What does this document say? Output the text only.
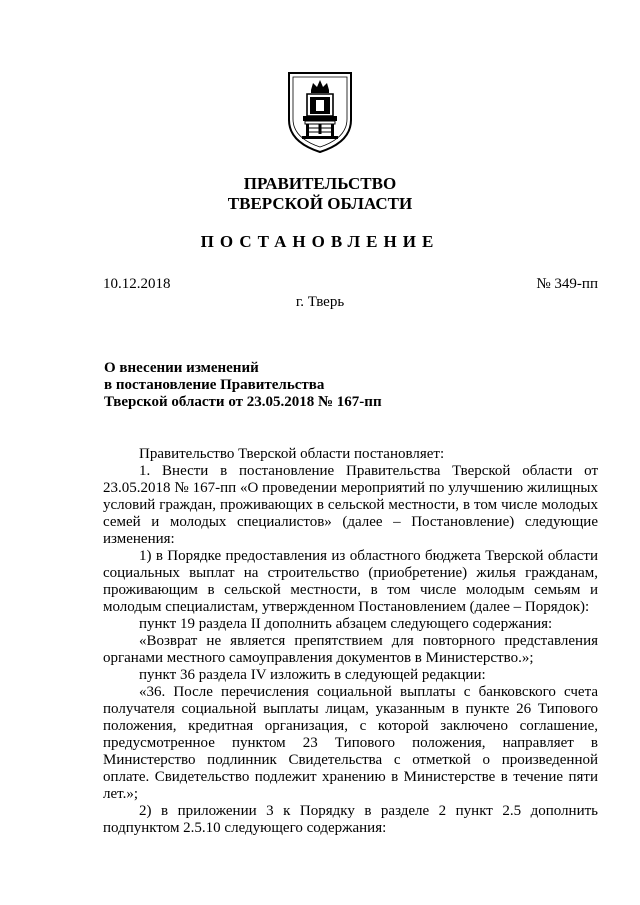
ПРАВИТЕЛЬСТВО
ТВЕРСКОЙ ОБЛАСТИ
ПОСТАНОВЛЕНИЕ
10.12.2018	№ 349-пп
г. Тверь
О внесении изменений
в постановление Правительства
Тверской области от 23.05.2018 № 167-пп
Правительство Тверской области постановляет:
1. Внести в постановление Правительства Тверской области от 23.05.2018 № 167-пп «О проведении мероприятий по улучшению жилищных условий граждан, проживающих в сельской местности, в том числе молодых семей и молодых специалистов» (далее – Постановление) следующие изменения:
1) в Порядке предоставления из областного бюджета Тверской области социальных выплат на строительство (приобретение) жилья гражданам, проживающим в сельской местности, в том числе молодым семьям и молодым специалистам, утвержденном Постановлением (далее – Порядок):
пункт 19 раздела II дополнить абзацем следующего содержания:
«Возврат не является препятствием для повторного представления органами местного самоуправления документов в Министерство.»;
пункт 36 раздела IV изложить в следующей редакции:
«36. После перечисления социальной выплаты с банковского счета получателя социальной выплаты лицам, указанным в пункте 26 Типового положения, кредитная организация, с которой заключено соглашение, предусмотренное пунктом 23 Типового положения, направляет в Министерство подлинник Свидетельства с отметкой о произведенной оплате. Свидетельство подлежит хранению в Министерстве в течение пяти лет.»;
2) в приложении 3 к Порядку в разделе 2 пункт 2.5 дополнить подпунктом 2.5.10 следующего содержания:
